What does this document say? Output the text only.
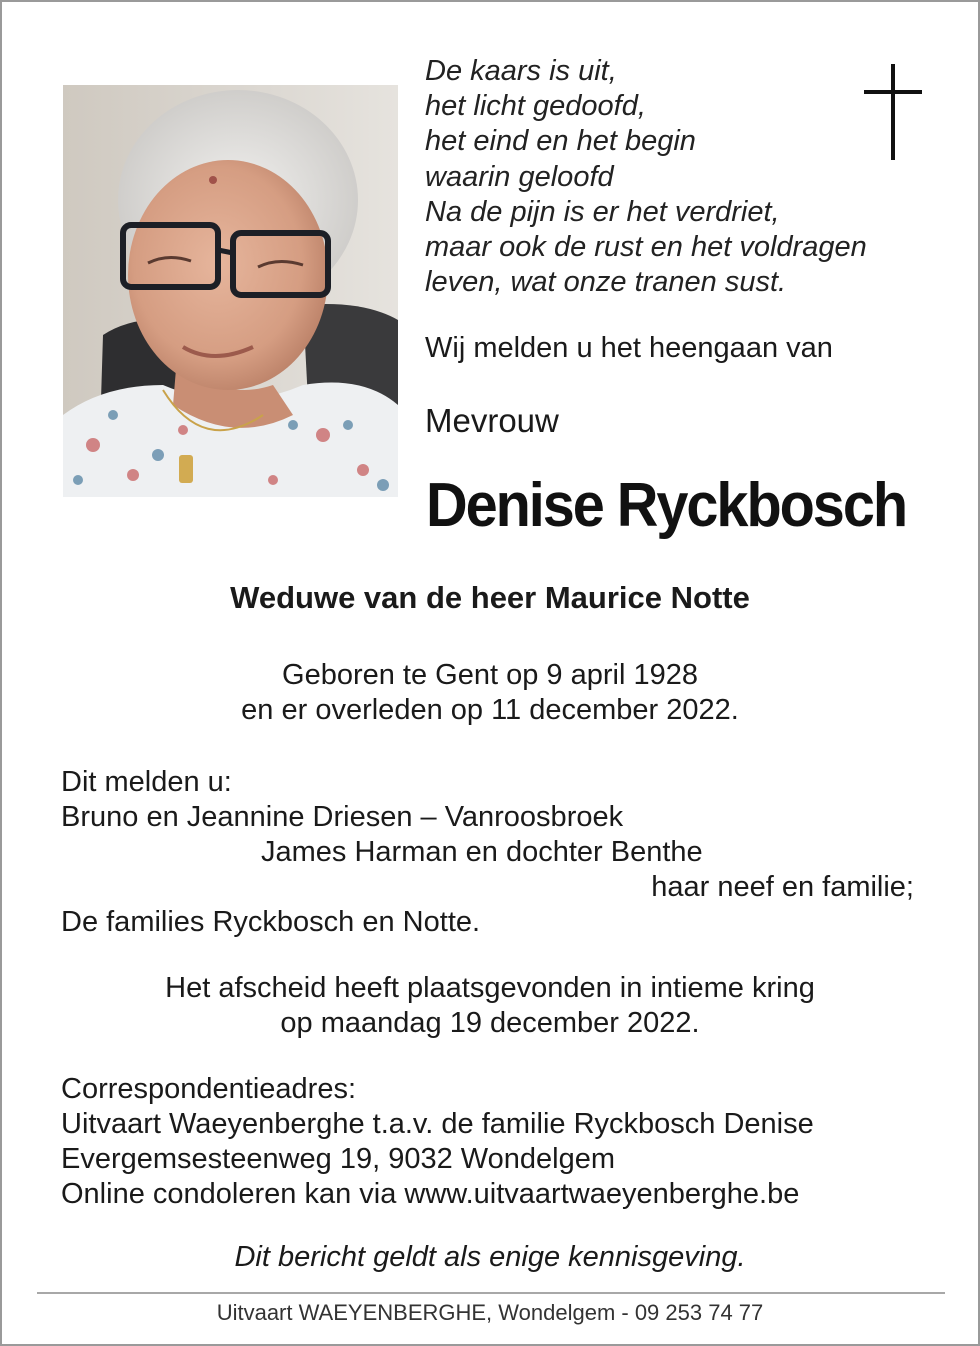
De kaars is uit,
het licht gedoofd,
het eind en het begin
waarin geloofd
Na de pijn is er het verdriet,
maar ook de rust en het voldragen
leven, wat onze tranen sust.
Wij melden u het heengaan van
Mevrouw
Denise Ryckbosch
Weduwe van de heer Maurice Notte
Geboren te Gent op 9 april 1928
en er overleden op 11 december 2022.
Dit melden u:
Bruno en Jeannine Driesen – Vanroosbroek
James Harman en dochter Benthe
haar neef en familie;
De families Ryckbosch en Notte.
Het afscheid heeft plaatsgevonden in intieme kring
op maandag 19 december 2022.
Correspondentieadres:
Uitvaart Waeyenberghe t.a.v. de familie Ryckbosch Denise
Evergemsesteenweg 19, 9032 Wondelgem
Online condoleren kan via www.uitvaartwaeyenberghe.be
Dit bericht geldt als enige kennisgeving.
Uitvaart WAEYENBERGHE, Wondelgem - 09 253 74 77
